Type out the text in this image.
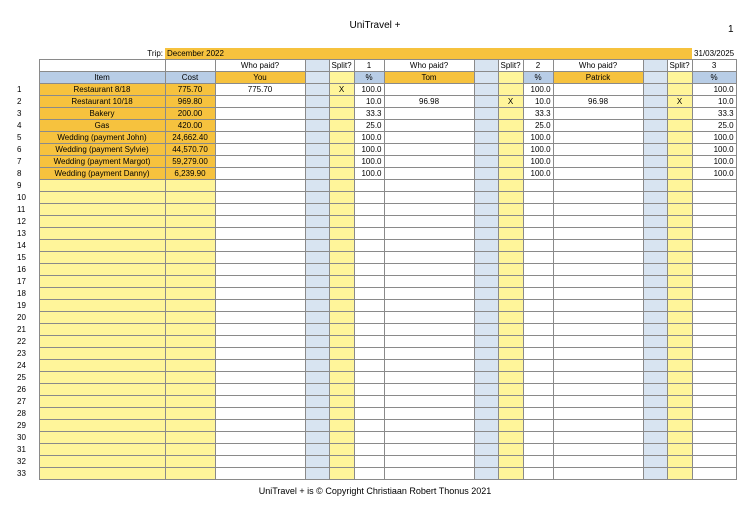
UniTravel +	1
	Trip:	December 2022												31/03/2025
			Who paid?		Split?	1	Who paid?		Split?	2	Who paid?		Split?	3
	Item	Cost	You			%	Tom			%	Patrick			%
1	Restaurant 8/18	775.70	775.70		X	100.0				100.0				100.0
2	Restaurant 10/18	969.80				10.0	96.98		X	10.0	96.98		X	10.0
3	Bakery	200.00				33.3				33.3				33.3
4	Gas	420.00				25.0				25.0				25.0
5	Wedding (payment John)	24,662.40				100.0				100.0				100.0
6	Wedding (payment Sylvie)	44,570.70				100.0				100.0				100.0
7	Wedding (payment Margot)	59,279.00				100.0				100.0				100.0
8	Wedding (payment Danny)	6,239.90				100.0				100.0				100.0
9														
10														
11														
12														
13														
14														
15														
16														
17														
18														
19														
20														
21														
22														
23														
24														
25														
26														
27														
28														
29														
30														
31														
32														
33														
UniTravel + is © Copyright Christiaan Robert Thonus 2021
